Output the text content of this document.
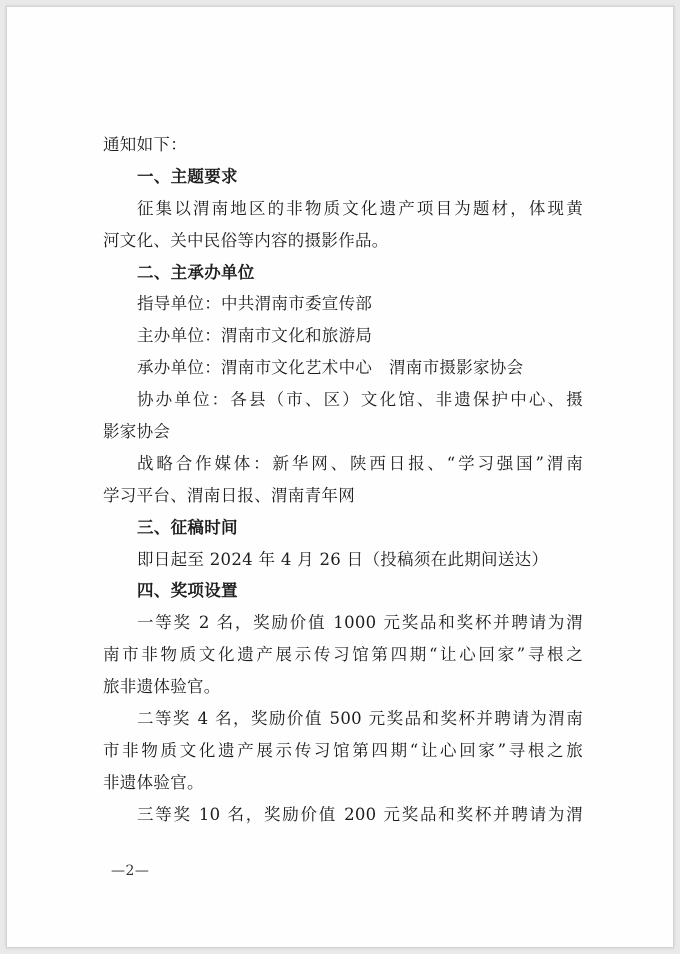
通知如下：
一、主题要求
征集以渭南地区的非物质文化遗产项目为题材，体现黄
河文化、关中民俗等内容的摄影作品。
二、主承办单位
指导单位：中共渭南市委宣传部
主办单位：渭南市文化和旅游局
承办单位：渭南市文化艺术中心　渭南市摄影家协会
协办单位：各县（市、区）文化馆、非遗保护中心、摄
影家协会
战略合作媒体：新华网、陕西日报、“学习强国”渭南
学习平台、渭南日报、渭南青年网
三、征稿时间
即日起至 2024 年 4 月 26 日（投稿须在此期间送达）
四、奖项设置
一等奖 2 名，奖励价值 1000 元奖品和奖杯并聘请为渭
南市非物质文化遗产展示传习馆第四期“让心回家”寻根之
旅非遗体验官。
二等奖 4 名，奖励价值 500 元奖品和奖杯并聘请为渭南
市非物质文化遗产展示传习馆第四期“让心回家”寻根之旅
非遗体验官。
三等奖 10 名，奖励价值 200 元奖品和奖杯并聘请为渭
—2—
